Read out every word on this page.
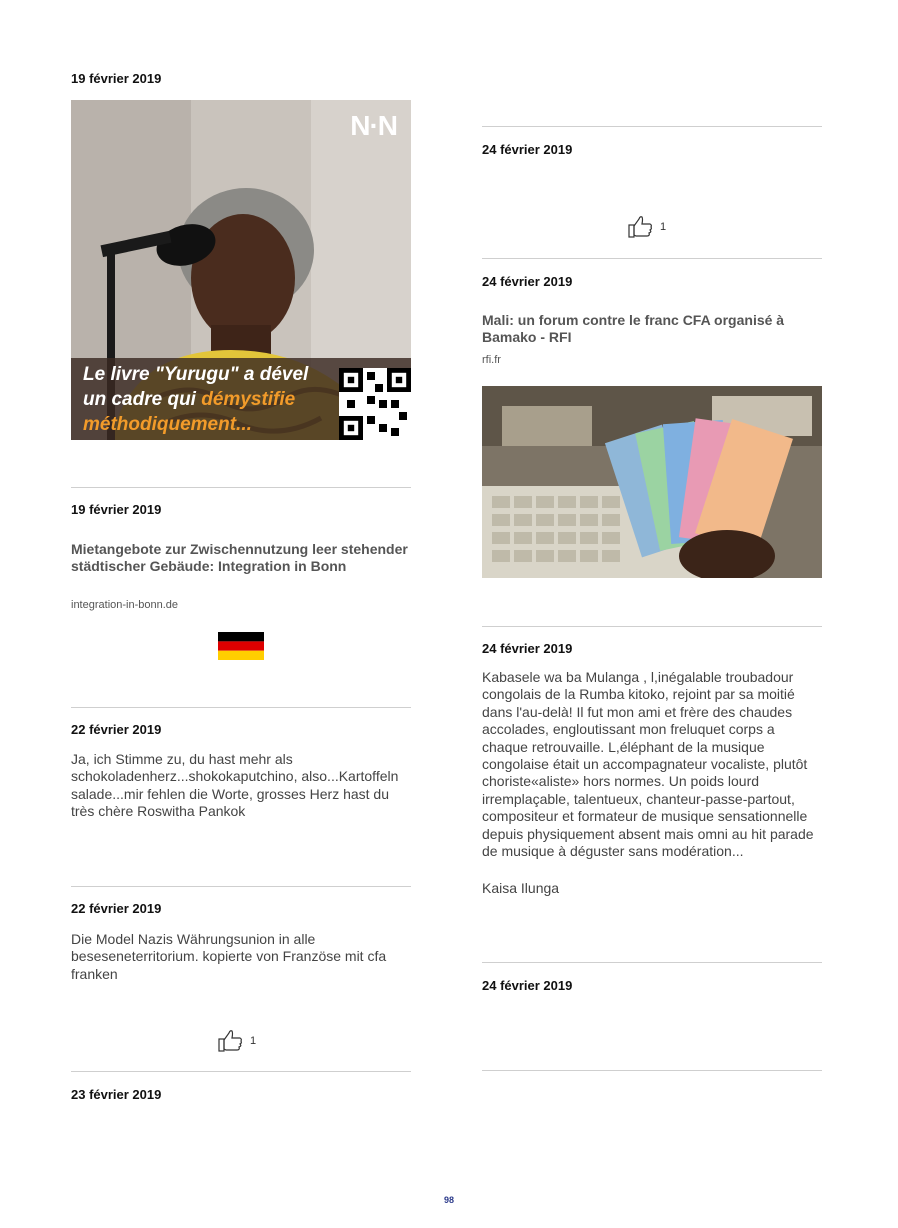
19 février 2019
N·N
Le livre "Yurugu" a dével
un cadre qui démystifie
méthodiquement...
19 février 2019
Mietangebote zur Zwischennutzung leer stehender städtischer Gebäude: Integration in Bonn
integration-in-bonn.de
22 février 2019
Ja, ich Stimme zu, du hast mehr als schokoladenherz...shokokaputchino, also...Kartoffeln salade...mir fehlen die Worte, grosses Herz hast du très chère Roswitha Pankok
22 février 2019
Die Model Nazis Währungsunion in alle beseseneterritorium. kopierte von Französe mit cfa franken
1
23 février 2019
24 février 2019
1
24 février 2019
Mali: un forum contre le franc CFA organisé à Bamako - RFI
rfi.fr
24 février 2019
Kabasele wa ba Mulanga , l,inégalable troubadour congolais de la Rumba kitoko, rejoint par sa moitié dans l'au-delà! Il fut mon ami et frère des chaudes accolades, engloutissant mon freluquet corps a chaque retrouvaille. L,éléphant de la musique congolaise était un accompagnateur vocaliste, plutôt choriste«aliste» hors normes. Un poids lourd irremplaçable, talentueux, chanteur-passe-partout, compositeur et formateur de musique sensationnelle depuis physiquement absent mais omni au hit parade de musique à déguster sans modération...
Kaisa Ilunga
24 février 2019
98
